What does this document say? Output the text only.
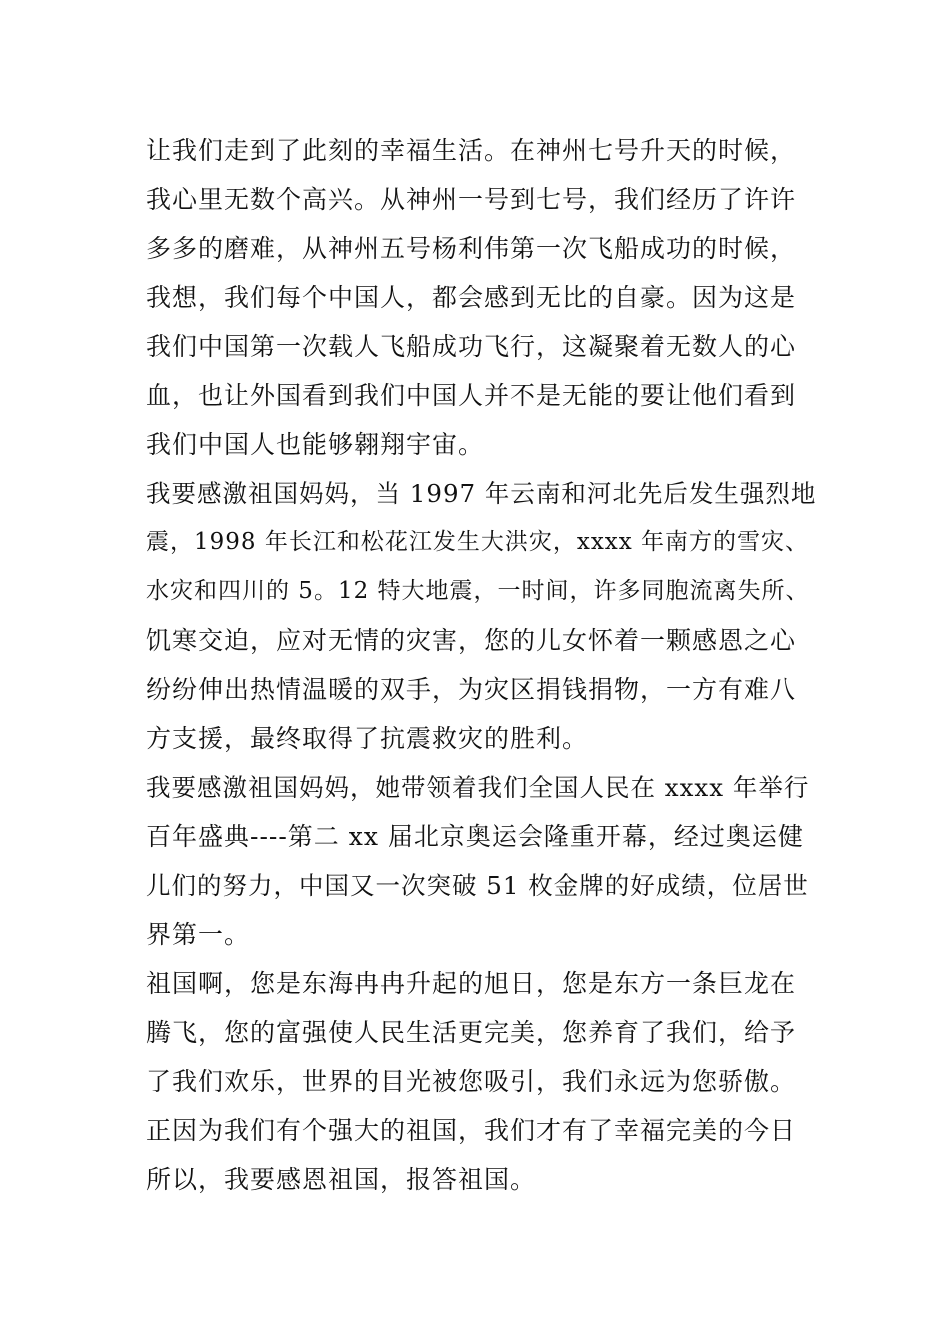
让我们走到了此刻的幸福生活。在神州七号升天的时候，
我心里无数个高兴。从神州一号到七号，我们经历了许许
多多的磨难，从神州五号杨利伟第一次飞船成功的时候，
我想，我们每个中国人，都会感到无比的自豪。因为这是
我们中国第一次载人飞船成功飞行，这凝聚着无数人的心
血，也让外国看到我们中国人并不是无能的要让他们看到
我们中国人也能够翱翔宇宙。
我要感激祖国妈妈，当 1997 年云南和河北先后发生强烈地
震，1998 年长江和松花江发生大洪灾，xxxx 年南方的雪灾、
水灾和四川的 5。12 特大地震，一时间，许多同胞流离失所、
饥寒交迫，应对无情的灾害，您的儿女怀着一颗感恩之心
纷纷伸出热情温暖的双手，为灾区捐钱捐物，一方有难八
方支援，最终取得了抗震救灾的胜利。
我要感激祖国妈妈，她带领着我们全国人民在 xxxx 年举行
百年盛典----第二 xx 届北京奥运会隆重开幕，经过奥运健
儿们的努力，中国又一次突破 51 枚金牌的好成绩，位居世
界第一。
祖国啊，您是东海冉冉升起的旭日，您是东方一条巨龙在
腾飞，您的富强使人民生活更完美，您养育了我们，给予
了我们欢乐，世界的目光被您吸引，我们永远为您骄傲。
正因为我们有个强大的祖国，我们才有了幸福完美的今日
所以，我要感恩祖国，报答祖国。
